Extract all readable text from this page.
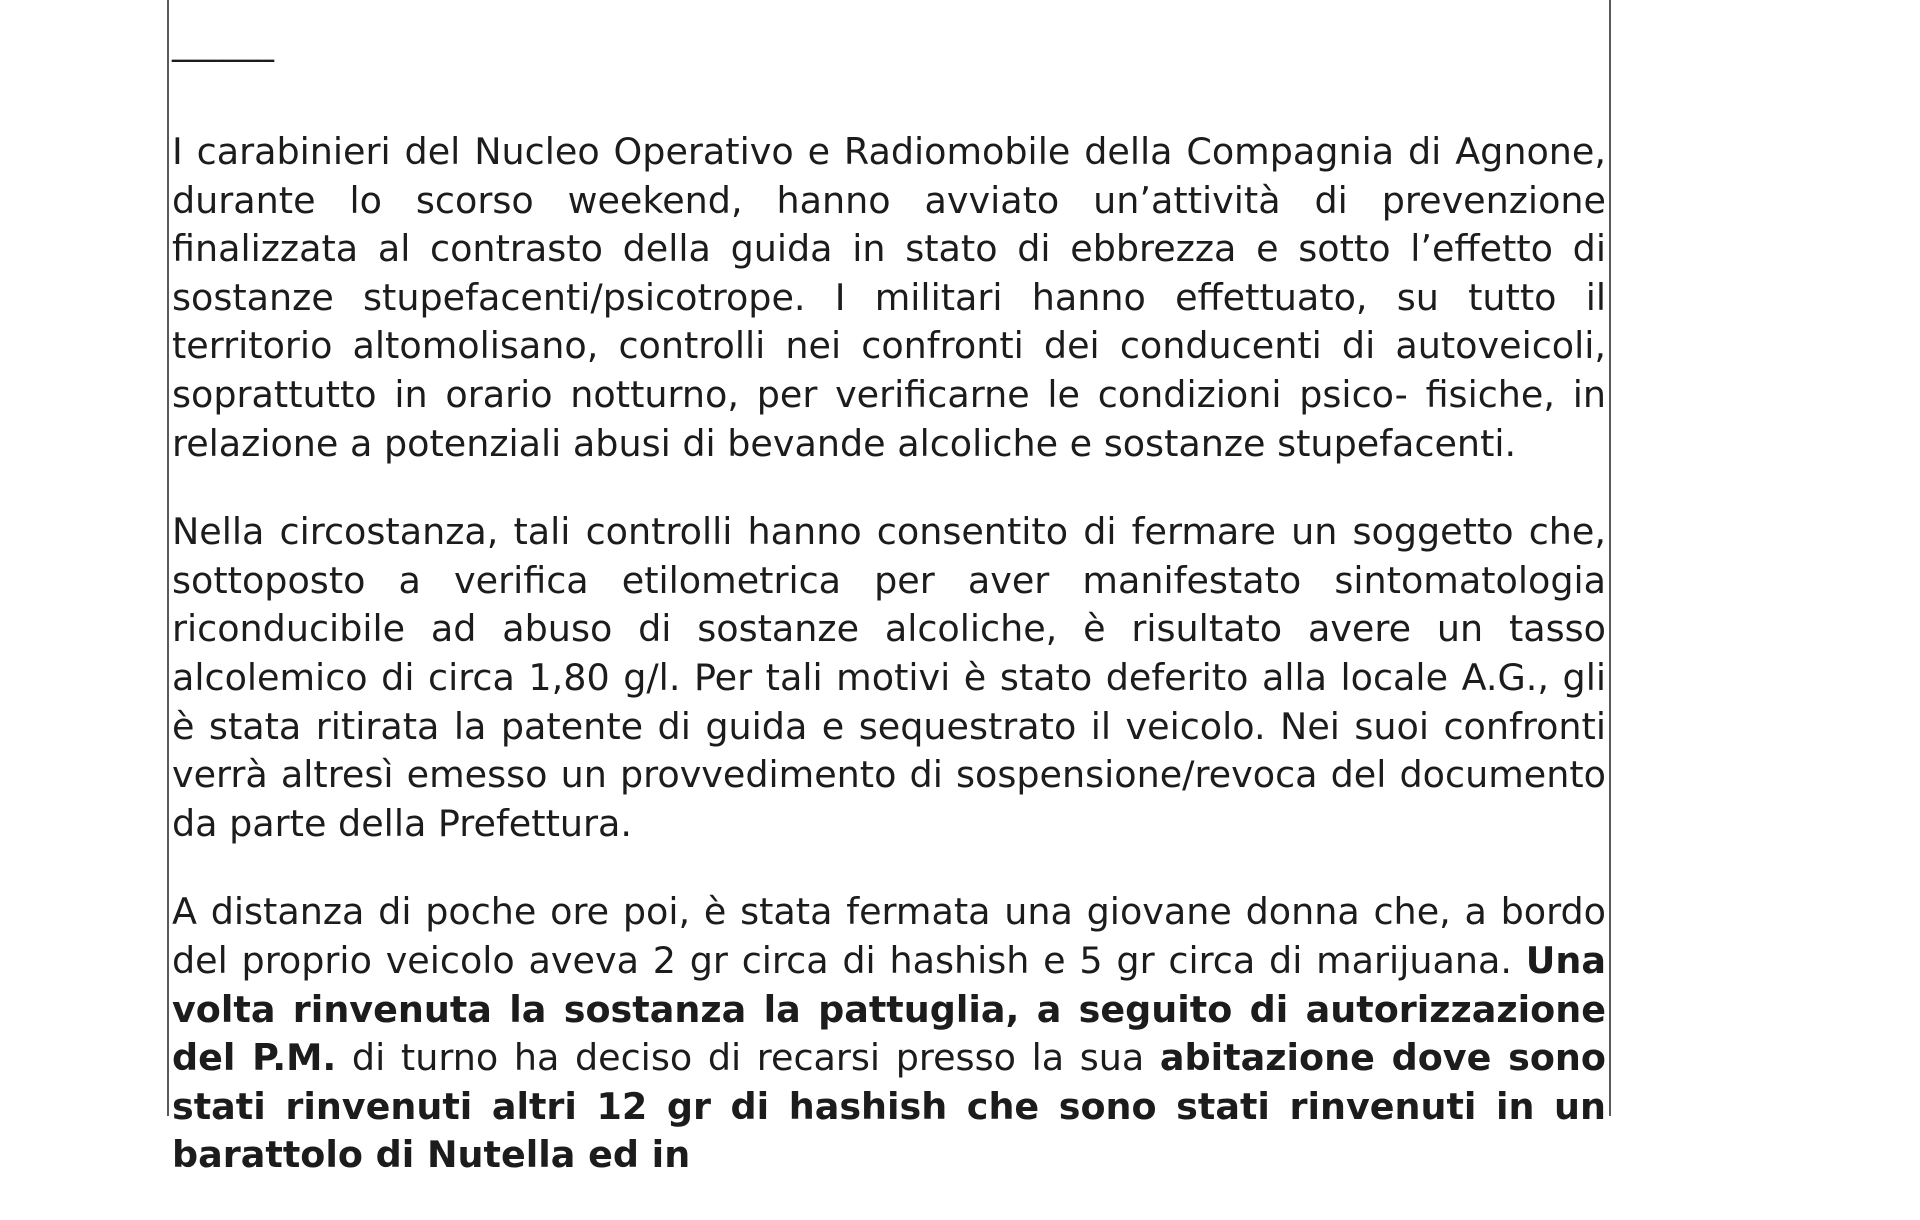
______

I carabinieri del Nucleo Operativo e Radiomobile della Compagnia di Agnone, durante lo scorso weekend, hanno avviato un’attività di prevenzione finalizzata al contrasto della guida in stato di ebbrezza e sotto l’effetto di sostanze stupefacenti/psicotrope. I militari hanno effettuato, su tutto il territorio altomolisano, controlli nei confronti dei conducenti di autoveicoli, soprattutto in orario notturno, per verificarne le condizioni psico- fisiche, in relazione a potenziali abusi di bevande alcoliche e sostanze stupefacenti.

Nella circostanza, tali controlli hanno consentito di fermare un soggetto che, sottoposto a verifica etilometrica per aver manifestato sintomatologia riconducibile ad abuso di sostanze alcoliche, è risultato avere un tasso alcolemico di circa 1,80 g/l. Per tali motivi è stato deferito alla locale A.G., gli è stata ritirata la patente di guida e sequestrato il veicolo. Nei suoi confronti verrà altresì emesso un provvedimento di sospensione/revoca del documento da parte della Prefettura.

A distanza di poche ore poi, è stata fermata una giovane donna che, a bordo del proprio veicolo aveva 2 gr circa di hashish e 5 gr circa di marijuana. Una volta rinvenuta la sostanza la pattuglia, a seguito di autorizzazione del P.M. di turno ha deciso di recarsi presso la sua abitazione dove sono stati rinvenuti altri 12 gr di hashish che sono stati rinvenuti in un barattolo di Nutella ed in
